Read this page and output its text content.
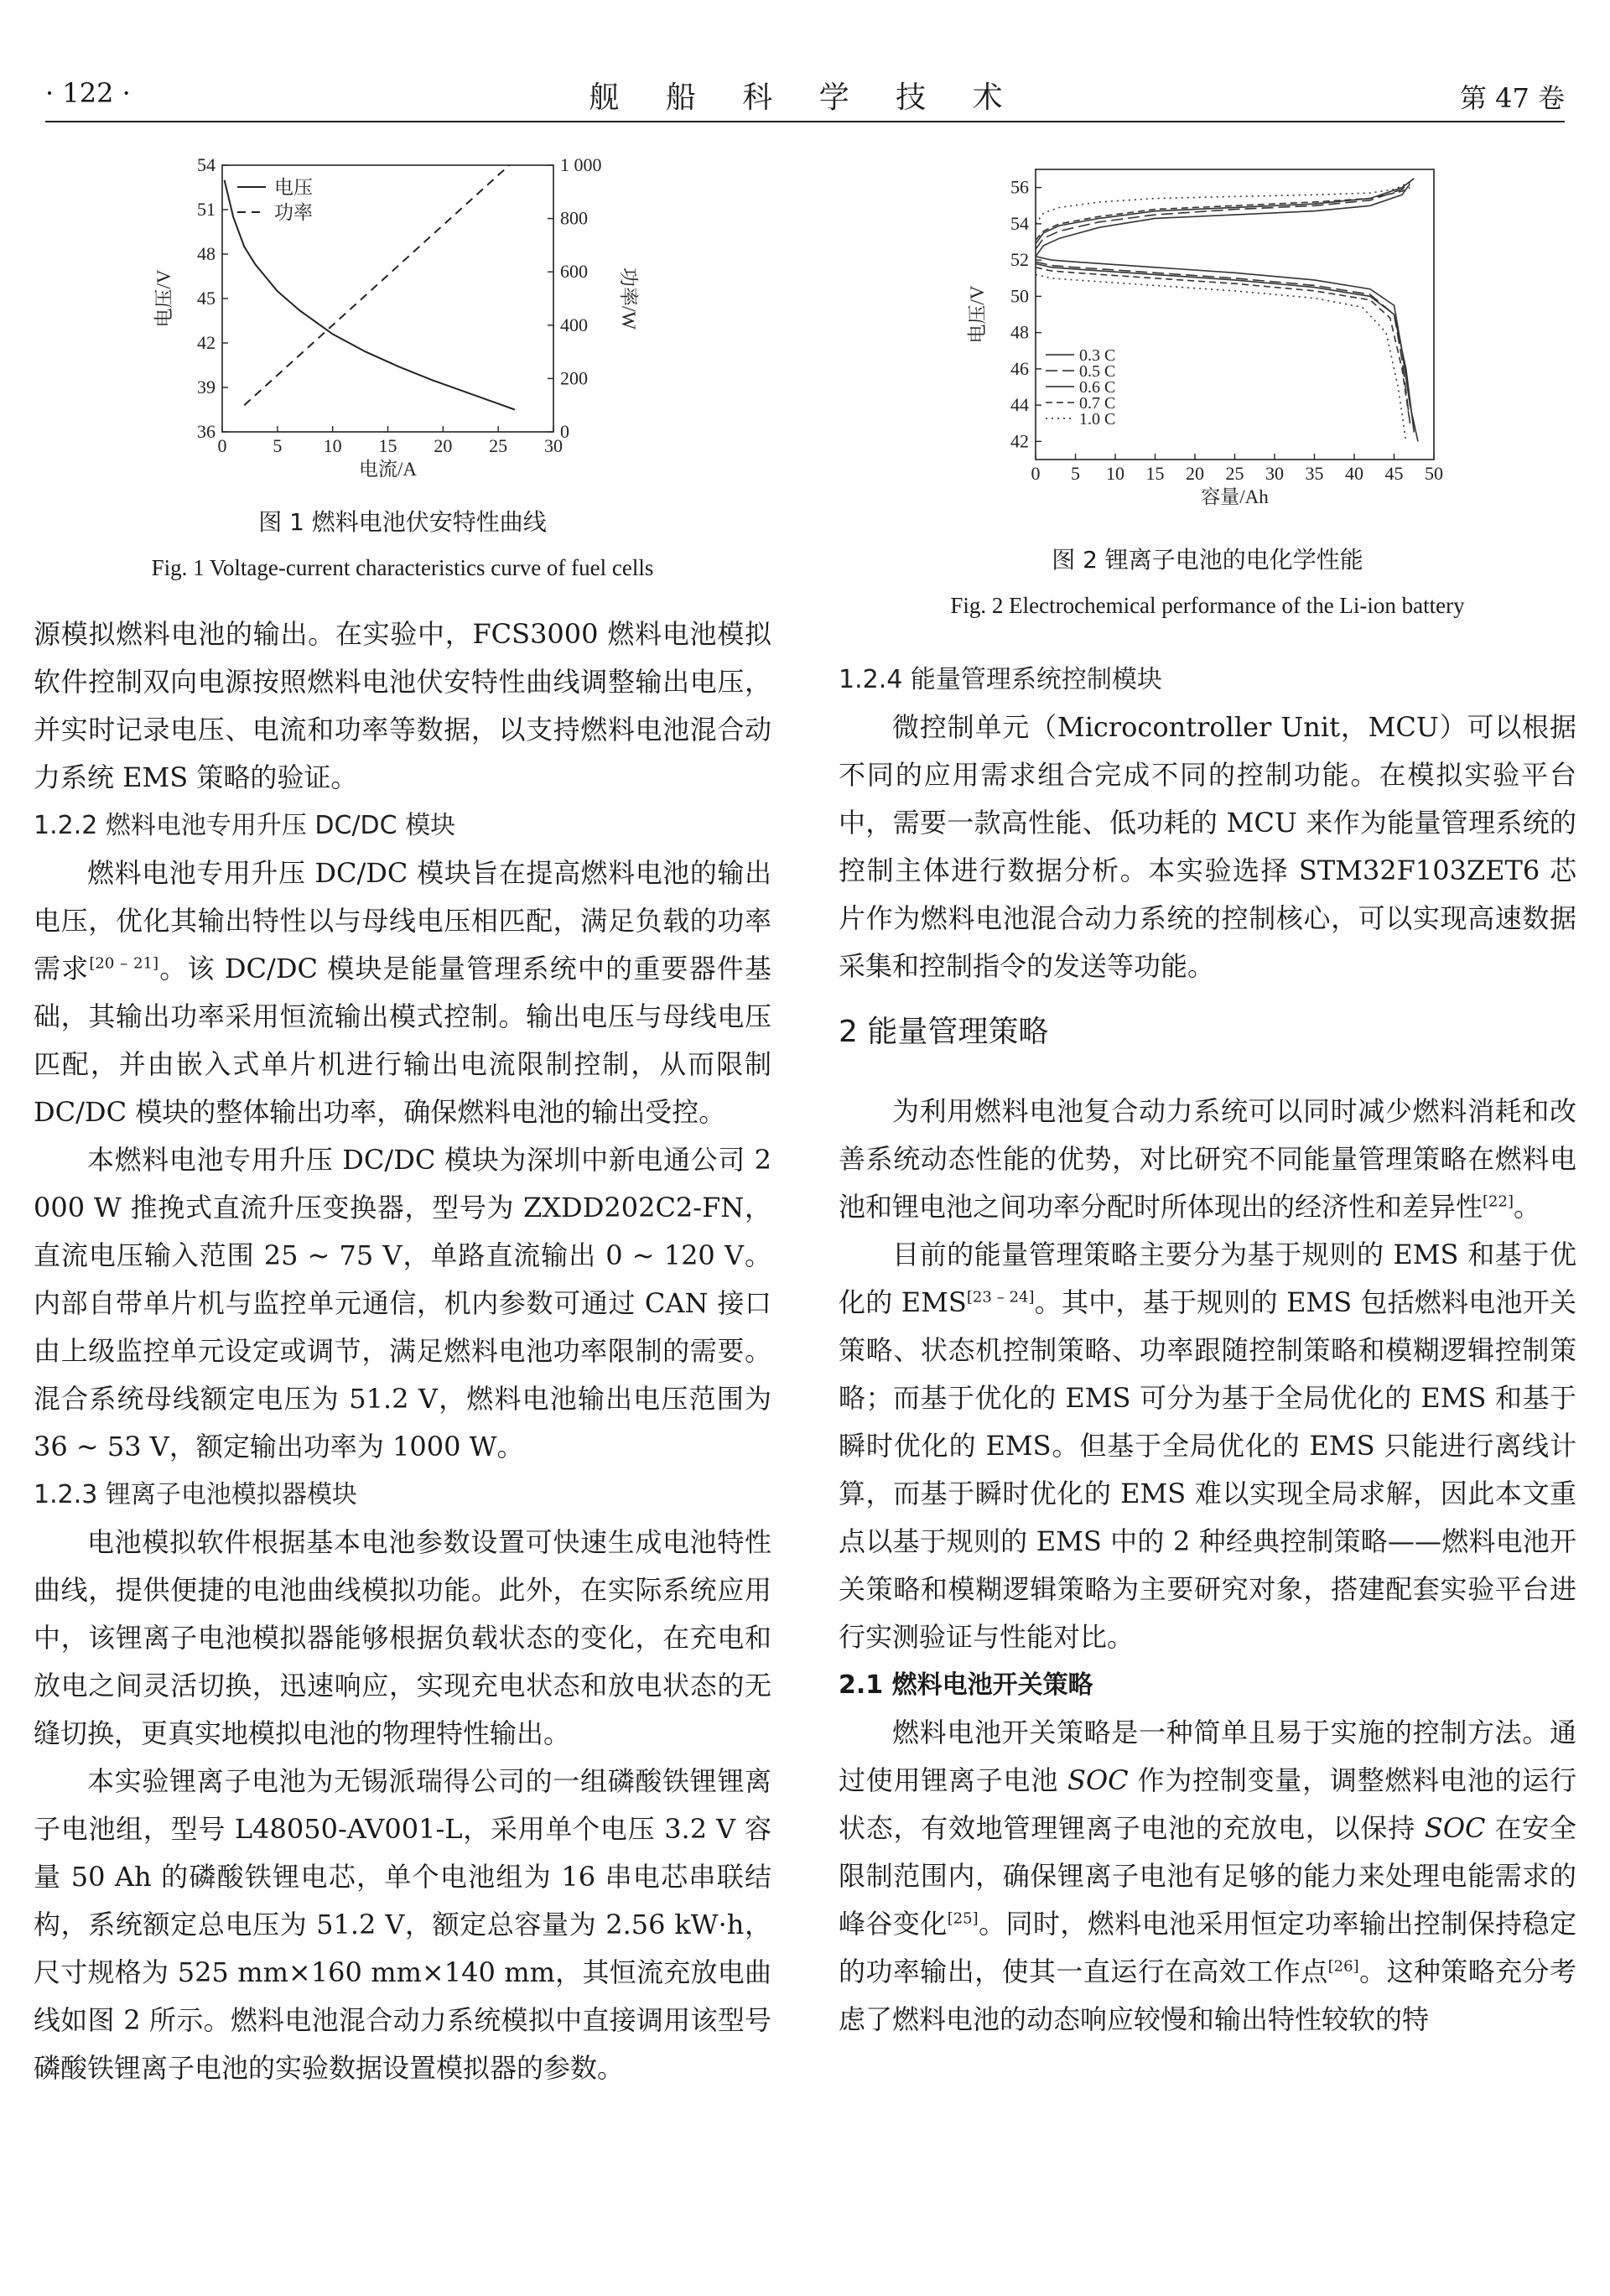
· 122 ·	舰 船 科 学 技 术	第 47 卷
0 5 10 15 20 25 30
36
39
42
45
48
51
54
0
200
400
600
800
1 000
功率/W
电流/A
电压/V
电压
功率
图 1 燃料电池伏安特性曲线
Fig. 1 Voltage-current characteristics curve of fuel cells
0 5 10 15 20 25 30 35 40 45 50
42
44
46
48
50
52
54
56
容量/Ah
电压/V
0.3 C
0.5 C
0.6 C
0.7 C
1.0 C
图 2 锂离子电池的电化学性能
Fig. 2 Electrochemical performance of the Li-ion battery

源模拟燃料电池的输出。在实验中，FCS3000 燃料电池模拟软件控制双向电源按照燃料电池伏安特性曲线调整输出电压，并实时记录电压、电流和功率等数据，以支持燃料电池混合动力系统 EMS 策略的验证。

1.2.2 燃料电池专用升压 DC/DC 模块

燃料电池专用升压 DC/DC 模块旨在提高燃料电池的输出电压，优化其输出特性以与母线电压相匹配，满足负载的功率需求[20 – 21]。该 DC/DC 模块是能量管理系统中的重要器件基础，其输出功率采用恒流输出模式控制。输出电压与母线电压匹配，并由嵌入式单片机进行输出电流限制控制，从而限制 DC/DC 模块的整体输出功率，确保燃料电池的输出受控。

本燃料电池专用升压 DC/DC 模块为深圳中新电通公司 2 000 W 推挽式直流升压变换器，型号为 ZXDD202C2-FN，直流电压输入范围 25 ~ 75 V，单路直流输出 0 ~ 120 V。内部自带单片机与监控单元通信，机内参数可通过 CAN 接口由上级监控单元设定或调节，满足燃料电池功率限制的需要。混合系统母线额定电压为 51.2 V，燃料电池输出电压范围为 36 ~ 53 V，额定输出功率为 1000 W。

1.2.3 锂离子电池模拟器模块

电池模拟软件根据基本电池参数设置可快速生成电池特性曲线，提供便捷的电池曲线模拟功能。此外，在实际系统应用中，该锂离子电池模拟器能够根据负载状态的变化，在充电和放电之间灵活切换，迅速响应，实现充电状态和放电状态的无缝切换，更真实地模拟电池的物理特性输出。

本实验锂离子电池为无锡派瑞得公司的一组磷酸铁锂锂离子电池组，型号 L48050-AV001-L，采用单个电压 3.2 V 容量 50 Ah 的磷酸铁锂电芯，单个电池组为 16 串电芯串联结构，系统额定总电压为 51.2 V，额定总容量为 2.56 kW·h，尺寸规格为 525 mm×160 mm×140 mm，其恒流充放电曲线如图 2 所示。燃料电池混合动力系统模拟中直接调用该型号磷酸铁锂离子电池的实验数据设置模拟器的参数。

1.2.4 能量管理系统控制模块

微控制单元（Microcontroller Unit，MCU）可以根据不同的应用需求组合完成不同的控制功能。在模拟实验平台中，需要一款高性能、低功耗的 MCU 来作为能量管理系统的控制主体进行数据分析。本实验选择 STM32F103ZET6 芯片作为燃料电池混合动力系统的控制核心，可以实现高速数据采集和控制指令的发送等功能。

2 能量管理策略

为利用燃料电池复合动力系统可以同时减少燃料消耗和改善系统动态性能的优势，对比研究不同能量管理策略在燃料电池和锂电池之间功率分配时所体现出的经济性和差异性[22]。

目前的能量管理策略主要分为基于规则的 EMS 和基于优化的 EMS[23 – 24]。其中，基于规则的 EMS 包括燃料电池开关策略、状态机控制策略、功率跟随控制策略和模糊逻辑控制策略；而基于优化的 EMS 可分为基于全局优化的 EMS 和基于瞬时优化的 EMS。但基于全局优化的 EMS 只能进行离线计算，而基于瞬时优化的 EMS 难以实现全局求解，因此本文重点以基于规则的 EMS 中的 2 种经典控制策略——燃料电池开关策略和模糊逻辑策略为主要研究对象，搭建配套实验平台进行实测验证与性能对比。

2.1 燃料电池开关策略

燃料电池开关策略是一种简单且易于实施的控制方法。通过使用锂离子电池 SOC 作为控制变量，调整燃料电池的运行状态，有效地管理锂离子电池的充放电，以保持 SOC 在安全限制范围内，确保锂离子电池有足够的能力来处理电能需求的峰谷变化[25]。同时，燃料电池采用恒定功率输出控制保持稳定的功率输出，使其一直运行在高效工作点[26]。这种策略充分考虑了燃料电池的动态响应较慢和输出特性较软的特
